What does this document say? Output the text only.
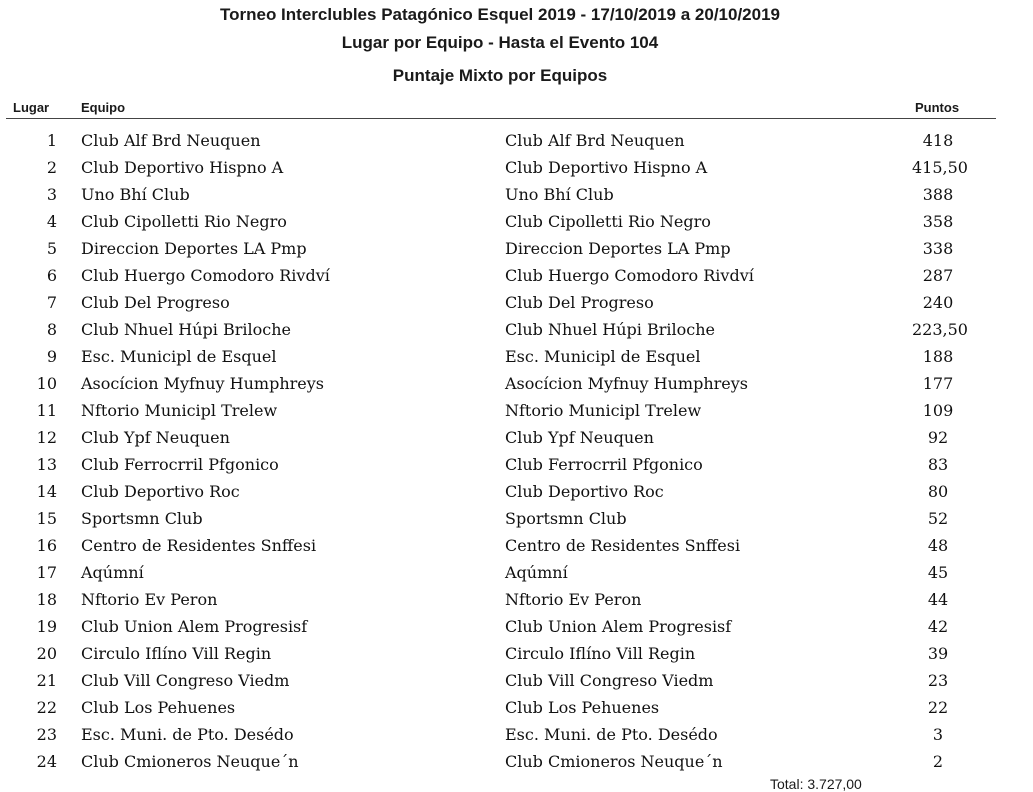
Torneo Interclubles Patagónico Esquel 2019 - 17/10/2019 a 20/10/2019
Lugar por Equipo - Hasta el Evento 104
Puntaje Mixto por Equipos
Lugar Equipo	Puntos
1 Club Alf Brd Neuquen	Club Alf Brd Neuquen	418
2 Club Deportivo Hispno A	Club Deportivo Hispno A	415,50
3 Uno Bhí Club	Uno Bhí Club	388
4 Club Cipolletti Rio Negro	Club Cipolletti Rio Negro	358
5 Direccion Deportes LA Pmp	Direccion Deportes LA Pmp	338
6 Club Huergo Comodoro Rivdví	Club Huergo Comodoro Rivdví	287
7 Club Del Progreso	Club Del Progreso	240
8 Club Nhuel Húpi Briloche	Club Nhuel Húpi Briloche	223,50
9 Esc. Municipl de Esquel	Esc. Municipl de Esquel	188
10 Asocícion Myfnuy Humphreys	Asocícion Myfnuy Humphreys	177
11 Nftorio Municipl Trelew	Nftorio Municipl Trelew	109
12 Club Ypf Neuquen	Club Ypf Neuquen	92
13 Club Ferrocrril Pfgonico	Club Ferrocrril Pfgonico	83
14 Club Deportivo Roc	Club Deportivo Roc	80
15 Sportsmn Club	Sportsmn Club	52
16 Centro de Residentes Snffesi	Centro de Residentes Snffesi	48
17 Aqúmní	Aqúmní	45
18 Nftorio Ev Peron	Nftorio Ev Peron	44
19 Club Union Alem Progresisf	Club Union Alem Progresisf	42
20 Circulo Iflíno Vill Regin	Circulo Iflíno Vill Regin	39
21 Club Vill Congreso Viedm	Club Vill Congreso Viedm	23
22 Club Los Pehuenes	Club Los Pehuenes	22
23 Esc. Muni. de Pto. Desédo	Esc. Muni. de Pto. Desédo	3
24 Club Cmioneros Neuque´n	Club Cmioneros Neuque´n	2
Total: 3.727,00
